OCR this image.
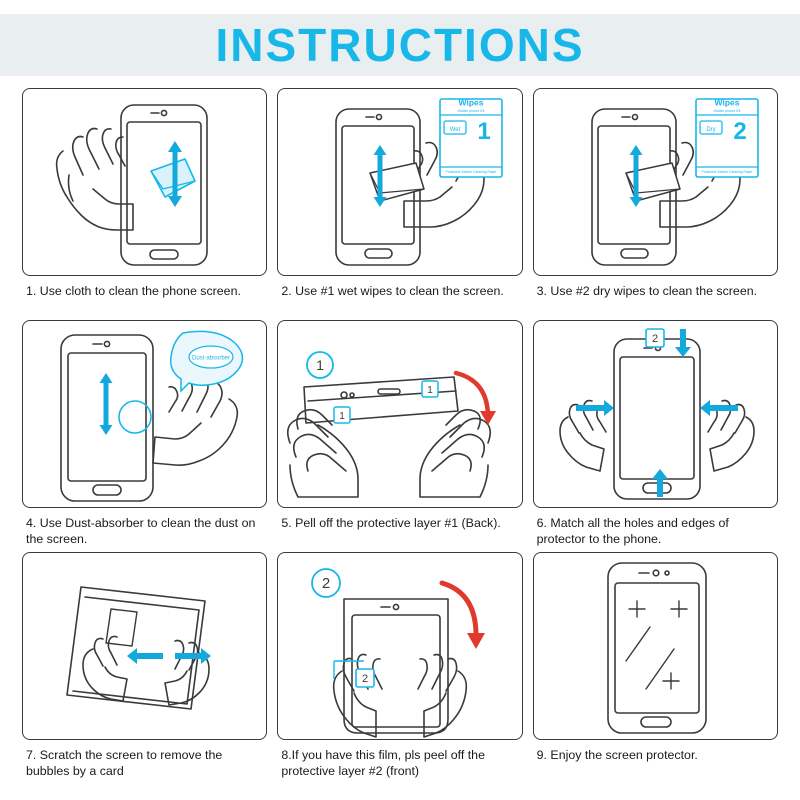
INSTRUCTIONS
1. Use cloth to clean the phone screen.
Wipes
Mobile phone Kit
Wet 1
Protective Screen Cleaning Paper
2. Use #1 wet wipes to clean the screen.
Wipes
Mobile phone Kit
Dry 2
Protective Screen Cleaning Paper
3. Use #2 dry wipes to clean the screen.
Dust-absorber
4. Use Dust-absorber to clean the dust on the screen.
1
1
1
5. Pell off the protective layer #1 (Back).
2
6. Match all the holes and edges of protector to the phone.
7. Scratch the screen to remove the bubbles by a card
2
2
8.If you have this film, pls peel off the protective layer #2 (front)
9. Enjoy the screen protector.
